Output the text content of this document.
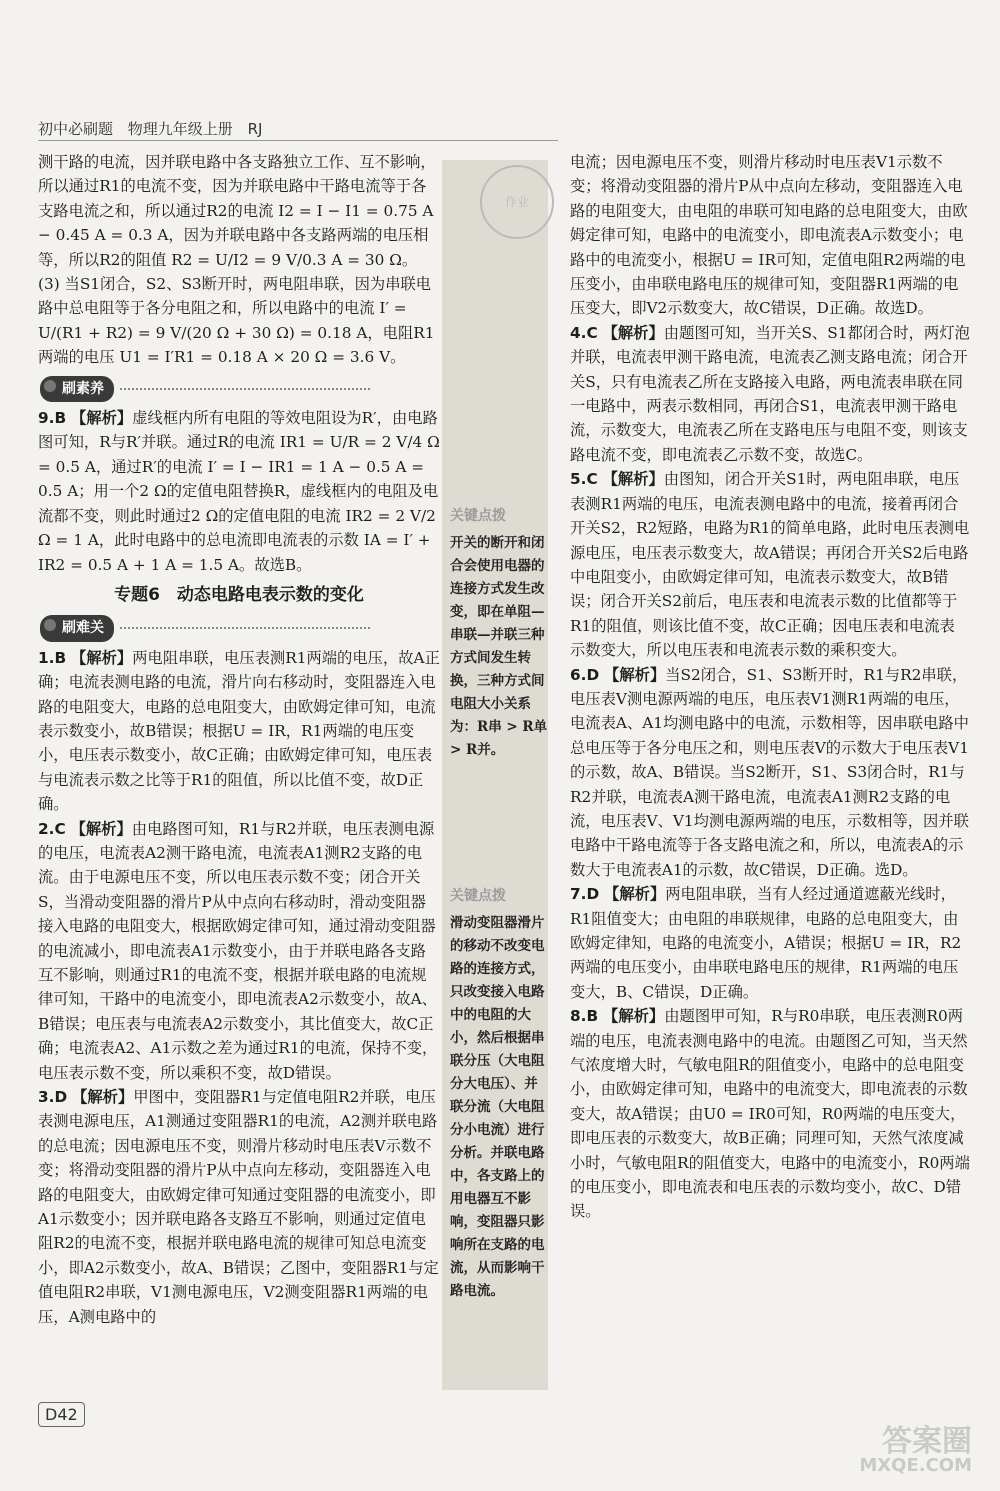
初中必刷题 物理九年级上册 RJ

测干路的电流，因并联电路中各支路独立工作、互不影响，所以通过R1的电流不变，因为并联电路中干路电流等于各支路电流之和，所以通过R2的电流 I2 = I − I1 = 0.75 A − 0.45 A = 0.3 A，因为并联电路中各支路两端的电压相等，所以R2的阻值 R2 = U/I2 = 9 V/0.3 A = 30 Ω。

(3) 当S1闭合，S2、S3断开时，两电阻串联，因为串联电路中总电阻等于各分电阻之和，所以电路中的电流 I′ = U/(R1 + R2) = 9 V/(20 Ω + 30 Ω) = 0.18 A，电阻R1两端的电压 U1 = I′R1 = 0.18 A × 20 Ω = 3.6 V。

刷素养

9.B 【解析】虚线框内所有电阻的等效电阻设为R′，由电路图可知，R与R′并联。通过R的电流 IR1 = U/R = 2 V/4 Ω = 0.5 A，通过R′的电流 I′ = I − IR1 = 1 A − 0.5 A = 0.5 A；用一个2 Ω的定值电阻替换R，虚线框内的电阻及电流都不变，则此时通过2 Ω的定值电阻的电流 IR2 = 2 V/2 Ω = 1 A，此时电路中的总电流即电流表的示数 IA = I′ + IR2 = 0.5 A + 1 A = 1.5 A。故选B。

专题6　动态电路电表示数的变化
刷难关

1.B 【解析】两电阻串联，电压表测R1两端的电压，故A正确；电流表测电路的电流，滑片向右移动时，变阻器连入电路的电阻变大，电路的总电阻变大，由欧姆定律可知，电流表示数变小，故B错误；根据U = IR，R1两端的电压变小，电压表示数变小，故C正确；由欧姆定律可知，电压表与电流表示数之比等于R1的阻值，所以比值不变，故D正确。

2.C 【解析】由电路图可知，R1与R2并联，电压表测电源的电压，电流表A2测干路电流，电流表A1测R2支路的电流。由于电源电压不变，所以电压表示数不变；闭合开关S，当滑动变阻器的滑片P从中点向右移动时，滑动变阻器接入电路的电阻变大，根据欧姆定律可知，通过滑动变阻器的电流减小，即电流表A1示数变小，由于并联电路各支路互不影响，则通过R1的电流不变，根据并联电路的电流规律可知，干路中的电流变小，即电流表A2示数变小，故A、B错误；电压表与电流表A2示数变小，其比值变大，故C正确；电流表A2、A1示数之差为通过R1的电流，保持不变，电压表示数不变，所以乘积不变，故D错误。

3.D 【解析】甲图中，变阻器R1与定值电阻R2并联，电压表测电源电压，A1测通过变阻器R1的电流，A2测并联电路的总电流；因电源电压不变，则滑片移动时电压表V示数不变；将滑动变阻器的滑片P从中点向左移动，变阻器连入电路的电阻变大，由欧姆定律可知通过变阻器的电流变小，即A1示数变小；因并联电路各支路互不影响，则通过定值电阻R2的电流不变，根据并联电路电流的规律可知总电流变小，即A2示数变小，故A、B错误；乙图中，变阻器R1与定值电阻R2串联，V1测电源电压，V2测变阻器R1两端的电压，A测电路中的

关键点拨
开关的断开和闭合会使用电器的连接方式发生改变，即在单阻—串联—并联三种方式间发生转换，三种方式间电阻大小关系为：R串 > R单 > R并。
关键点拨
滑动变阻器滑片的移动不改变电路的连接方式，只改变接入电路中的电阻的大小，然后根据串联分压（大电阻分大电压）、并联分流（大电阻分小电流）进行分析。并联电路中，各支路上的用电器互不影响，变阻器只影响所在支路的电流，从而影响干路电流。
作业

电流；因电源电压不变，则滑片移动时电压表V1示数不变；将滑动变阻器的滑片P从中点向左移动，变阻器连入电路的电阻变大，由电阻的串联可知电路的总电阻变大，由欧姆定律可知，电路中的电流变小，即电流表A示数变小；电路中的电流变小，根据U = IR可知，定值电阻R2两端的电压变小，由串联电路电压的规律可知，变阻器R1两端的电压变大，即V2示数变大，故C错误，D正确。故选D。

4.C 【解析】由题图可知，当开关S、S1都闭合时，两灯泡并联，电流表甲测干路电流，电流表乙测支路电流；闭合开关S，只有电流表乙所在支路接入电路，两电流表串联在同一电路中，两表示数相同，再闭合S1，电流表甲测干路电流，示数变大，电流表乙所在支路电压与电阻不变，则该支路电流不变，即电流表乙示数不变，故选C。

5.C 【解析】由图知，闭合开关S1时，两电阻串联，电压表测R1两端的电压，电流表测电路中的电流，接着再闭合开关S2，R2短路，电路为R1的简单电路，此时电压表测电源电压，电压表示数变大，故A错误；再闭合开关S2后电路中电阻变小，由欧姆定律可知，电流表示数变大，故B错误；闭合开关S2前后，电压表和电流表示数的比值都等于R1的阻值，则该比值不变，故C正确；因电压表和电流表示数变大，所以电压表和电流表示数的乘积变大。

6.D 【解析】当S2闭合，S1、S3断开时，R1与R2串联，电压表V测电源两端的电压，电压表V1测R1两端的电压，电流表A、A1均测电路中的电流，示数相等，因串联电路中总电压等于各分电压之和，则电压表V的示数大于电压表V1的示数，故A、B错误。当S2断开，S1、S3闭合时，R1与R2并联，电流表A测干路电流，电流表A1测R2支路的电流，电压表V、V1均测电源两端的电压，示数相等，因并联电路中干路电流等于各支路电流之和，所以，电流表A的示数大于电流表A1的示数，故C错误，D正确。选D。

7.D 【解析】两电阻串联，当有人经过通道遮蔽光线时，R1阻值变大；由电阻的串联规律，电路的总电阻变大，由欧姆定律知，电路的电流变小，A错误；根据U = IR，R2两端的电压变小，由串联电路电压的规律，R1两端的电压变大，B、C错误，D正确。

8.B 【解析】由题图甲可知，R与R0串联，电压表测R0两端的电压，电流表测电路中的电流。由题图乙可知，当天然气浓度增大时，气敏电阻R的阻值变小，电路中的总电阻变小，由欧姆定律可知，电路中的电流变大，即电流表的示数变大，故A错误；由U0 = IR0可知，R0两端的电压变大，即电压表的示数变大，故B正确；同理可知，天然气浓度减小时，气敏电阻R的阻值变大，电路中的电流变小，R0两端的电压变小，即电流表和电压表的示数均变小，故C、D错误。

D42
答案圈
MXQE.COM
